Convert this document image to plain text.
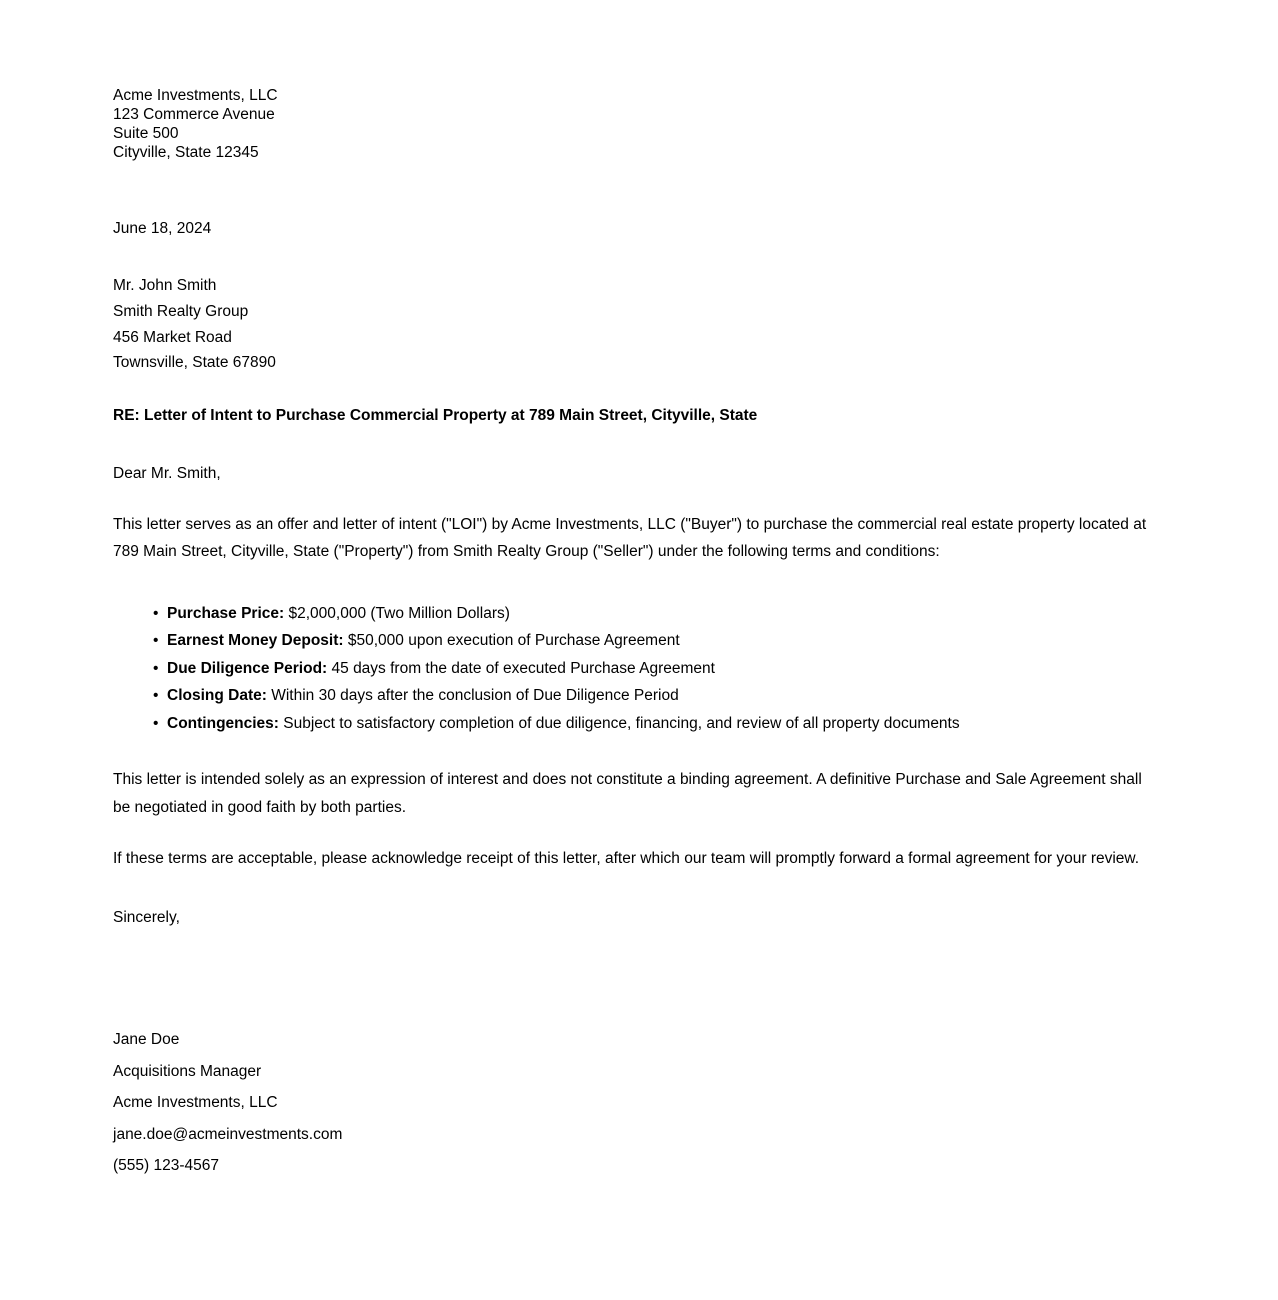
Acme Investments, LLC
123 Commerce Avenue
Suite 500
Cityville, State 12345
June 18, 2024
Mr. John Smith
Smith Realty Group
456 Market Road
Townsville, State 67890
RE: Letter of Intent to Purchase Commercial Property at 789 Main Street, Cityville, State
Dear Mr. Smith,
This letter serves as an offer and letter of intent ("LOI") by Acme Investments, LLC ("Buyer") to purchase the commercial real estate property located at 789 Main Street, Cityville, State ("Property") from Smith Realty Group ("Seller") under the following terms and conditions:
• Purchase Price: $2,000,000 (Two Million Dollars)
• Earnest Money Deposit: $50,000 upon execution of Purchase Agreement
• Due Diligence Period: 45 days from the date of executed Purchase Agreement
• Closing Date: Within 30 days after the conclusion of Due Diligence Period
• Contingencies: Subject to satisfactory completion of due diligence, financing, and review of all property documents
This letter is intended solely as an expression of interest and does not constitute a binding agreement. A definitive Purchase and Sale Agreement shall be negotiated in good faith by both parties.
If these terms are acceptable, please acknowledge receipt of this letter, after which our team will promptly forward a formal agreement for your review.
Sincerely,
Jane Doe
Acquisitions Manager
Acme Investments, LLC
jane.doe@acmeinvestments.com
(555) 123-4567
